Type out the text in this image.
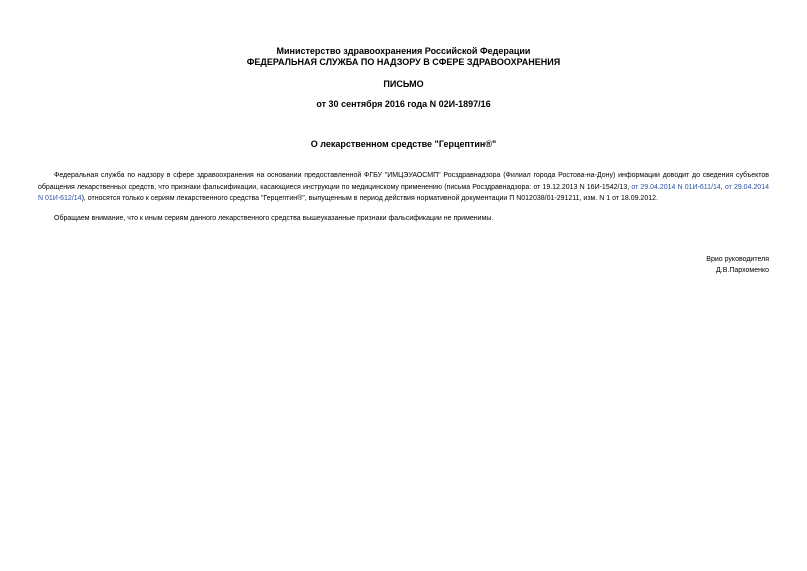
Министерство здравоохранения Российской Федерации
ФЕДЕРАЛЬНАЯ СЛУЖБА ПО НАДЗОРУ В СФЕРЕ ЗДРАВООХРАНЕНИЯ
ПИСЬМО
от 30 сентября 2016 года N 02И-1897/16
О лекарственном средстве "Герцептин®"

Федеральная служба по надзору в сфере здравоохранения на основании предоставленной ФГБУ "ИМЦЭУАОСМП" Росздравнадзора (Филиал города Ростова-на-Дону) информации доводит до сведения субъектов обращения лекарственных средств, что признаки фальсификации, касающиеся инструкции по медицинскому применению (письма Росздравнадзора: от 19.12.2013 N 16И-1542/13, от 29.04.2014 N 01И-611/14, от 29.04.2014 N 01И-612/14), относятся только к сериям лекарственного средства "Герцептин®", выпущенным в период действия нормативной документации П N012038/01-291211, изм. N 1 от 18.09.2012.

Обращаем внимание, что к иным сериям данного лекарственного средства вышеуказанные признаки фальсификации не применимы.

Врио руководителя
Д.В.Пархоменко
